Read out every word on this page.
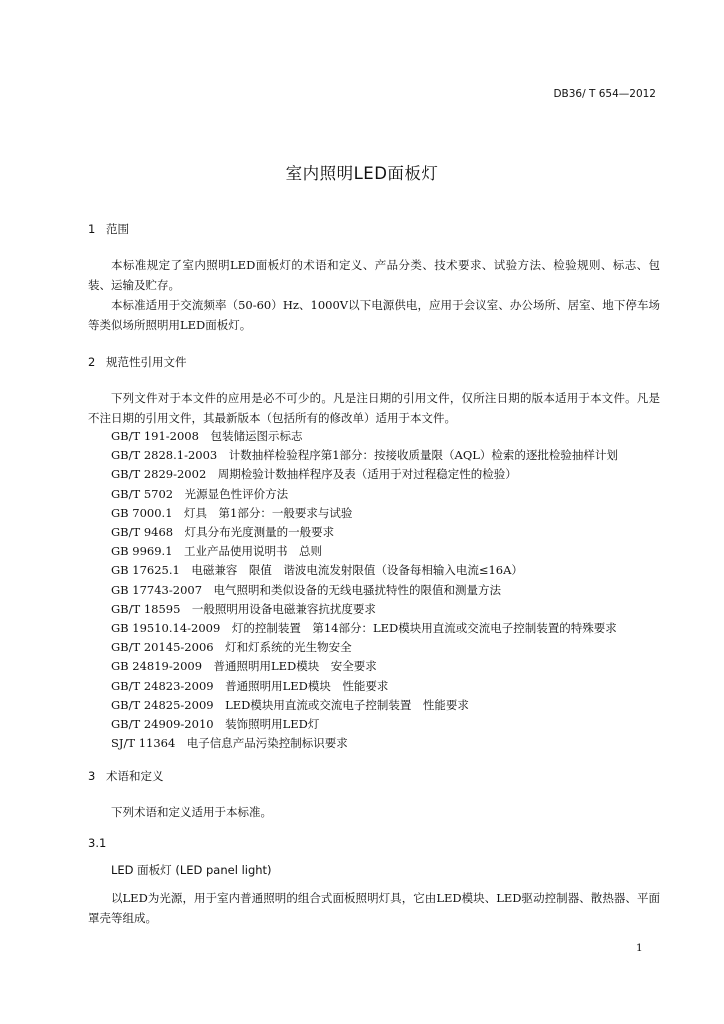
DB36/ T 654—2012
室内照明LED面板灯
1 范围
本标准规定了室内照明LED面板灯的术语和定义、产品分类、技术要求、试验方法、检验规则、标志、包装、运输及贮存。
本标准适用于交流频率（50-60）Hz、1000V以下电源供电，应用于会议室、办公场所、居室、地下停车场等类似场所照明用LED面板灯。
2 规范性引用文件
下列文件对于本文件的应用是必不可少的。凡是注日期的引用文件，仅所注日期的版本适用于本文件。凡是不注日期的引用文件，其最新版本（包括所有的修改单）适用于本文件。
GB/T 191-2008　包装储运图示标志
GB/T 2828.1-2003　计数抽样检验程序第1部分：按接收质量限（AQL）检索的逐批检验抽样计划
GB/T 2829-2002　周期检验计数抽样程序及表（适用于对过程稳定性的检验）
GB/T 5702　光源显色性评价方法
GB 7000.1　灯具　第1部分：一般要求与试验
GB/T 9468　灯具分布光度测量的一般要求
GB 9969.1　工业产品使用说明书　总则
GB 17625.1　电磁兼容　限值　谐波电流发射限值（设备每相输入电流≤16A）
GB 17743-2007　电气照明和类似设备的无线电骚扰特性的限值和测量方法
GB/T 18595　一般照明用设备电磁兼容抗扰度要求
GB 19510.14-2009　灯的控制装置　第14部分：LED模块用直流或交流电子控制装置的特殊要求
GB/T 20145-2006　灯和灯系统的光生物安全
GB 24819-2009　普通照明用LED模块　安全要求
GB/T 24823-2009　普通照明用LED模块　性能要求
GB/T 24825-2009　LED模块用直流或交流电子控制装置　性能要求
GB/T 24909-2010　装饰照明用LED灯
SJ/T 11364　电子信息产品污染控制标识要求
3 术语和定义
下列术语和定义适用于本标准。
3.1
LED 面板灯 (LED panel light)
以LED为光源，用于室内普通照明的组合式面板照明灯具，它由LED模块、LED驱动控制器、散热器、平面罩壳等组成。
1
